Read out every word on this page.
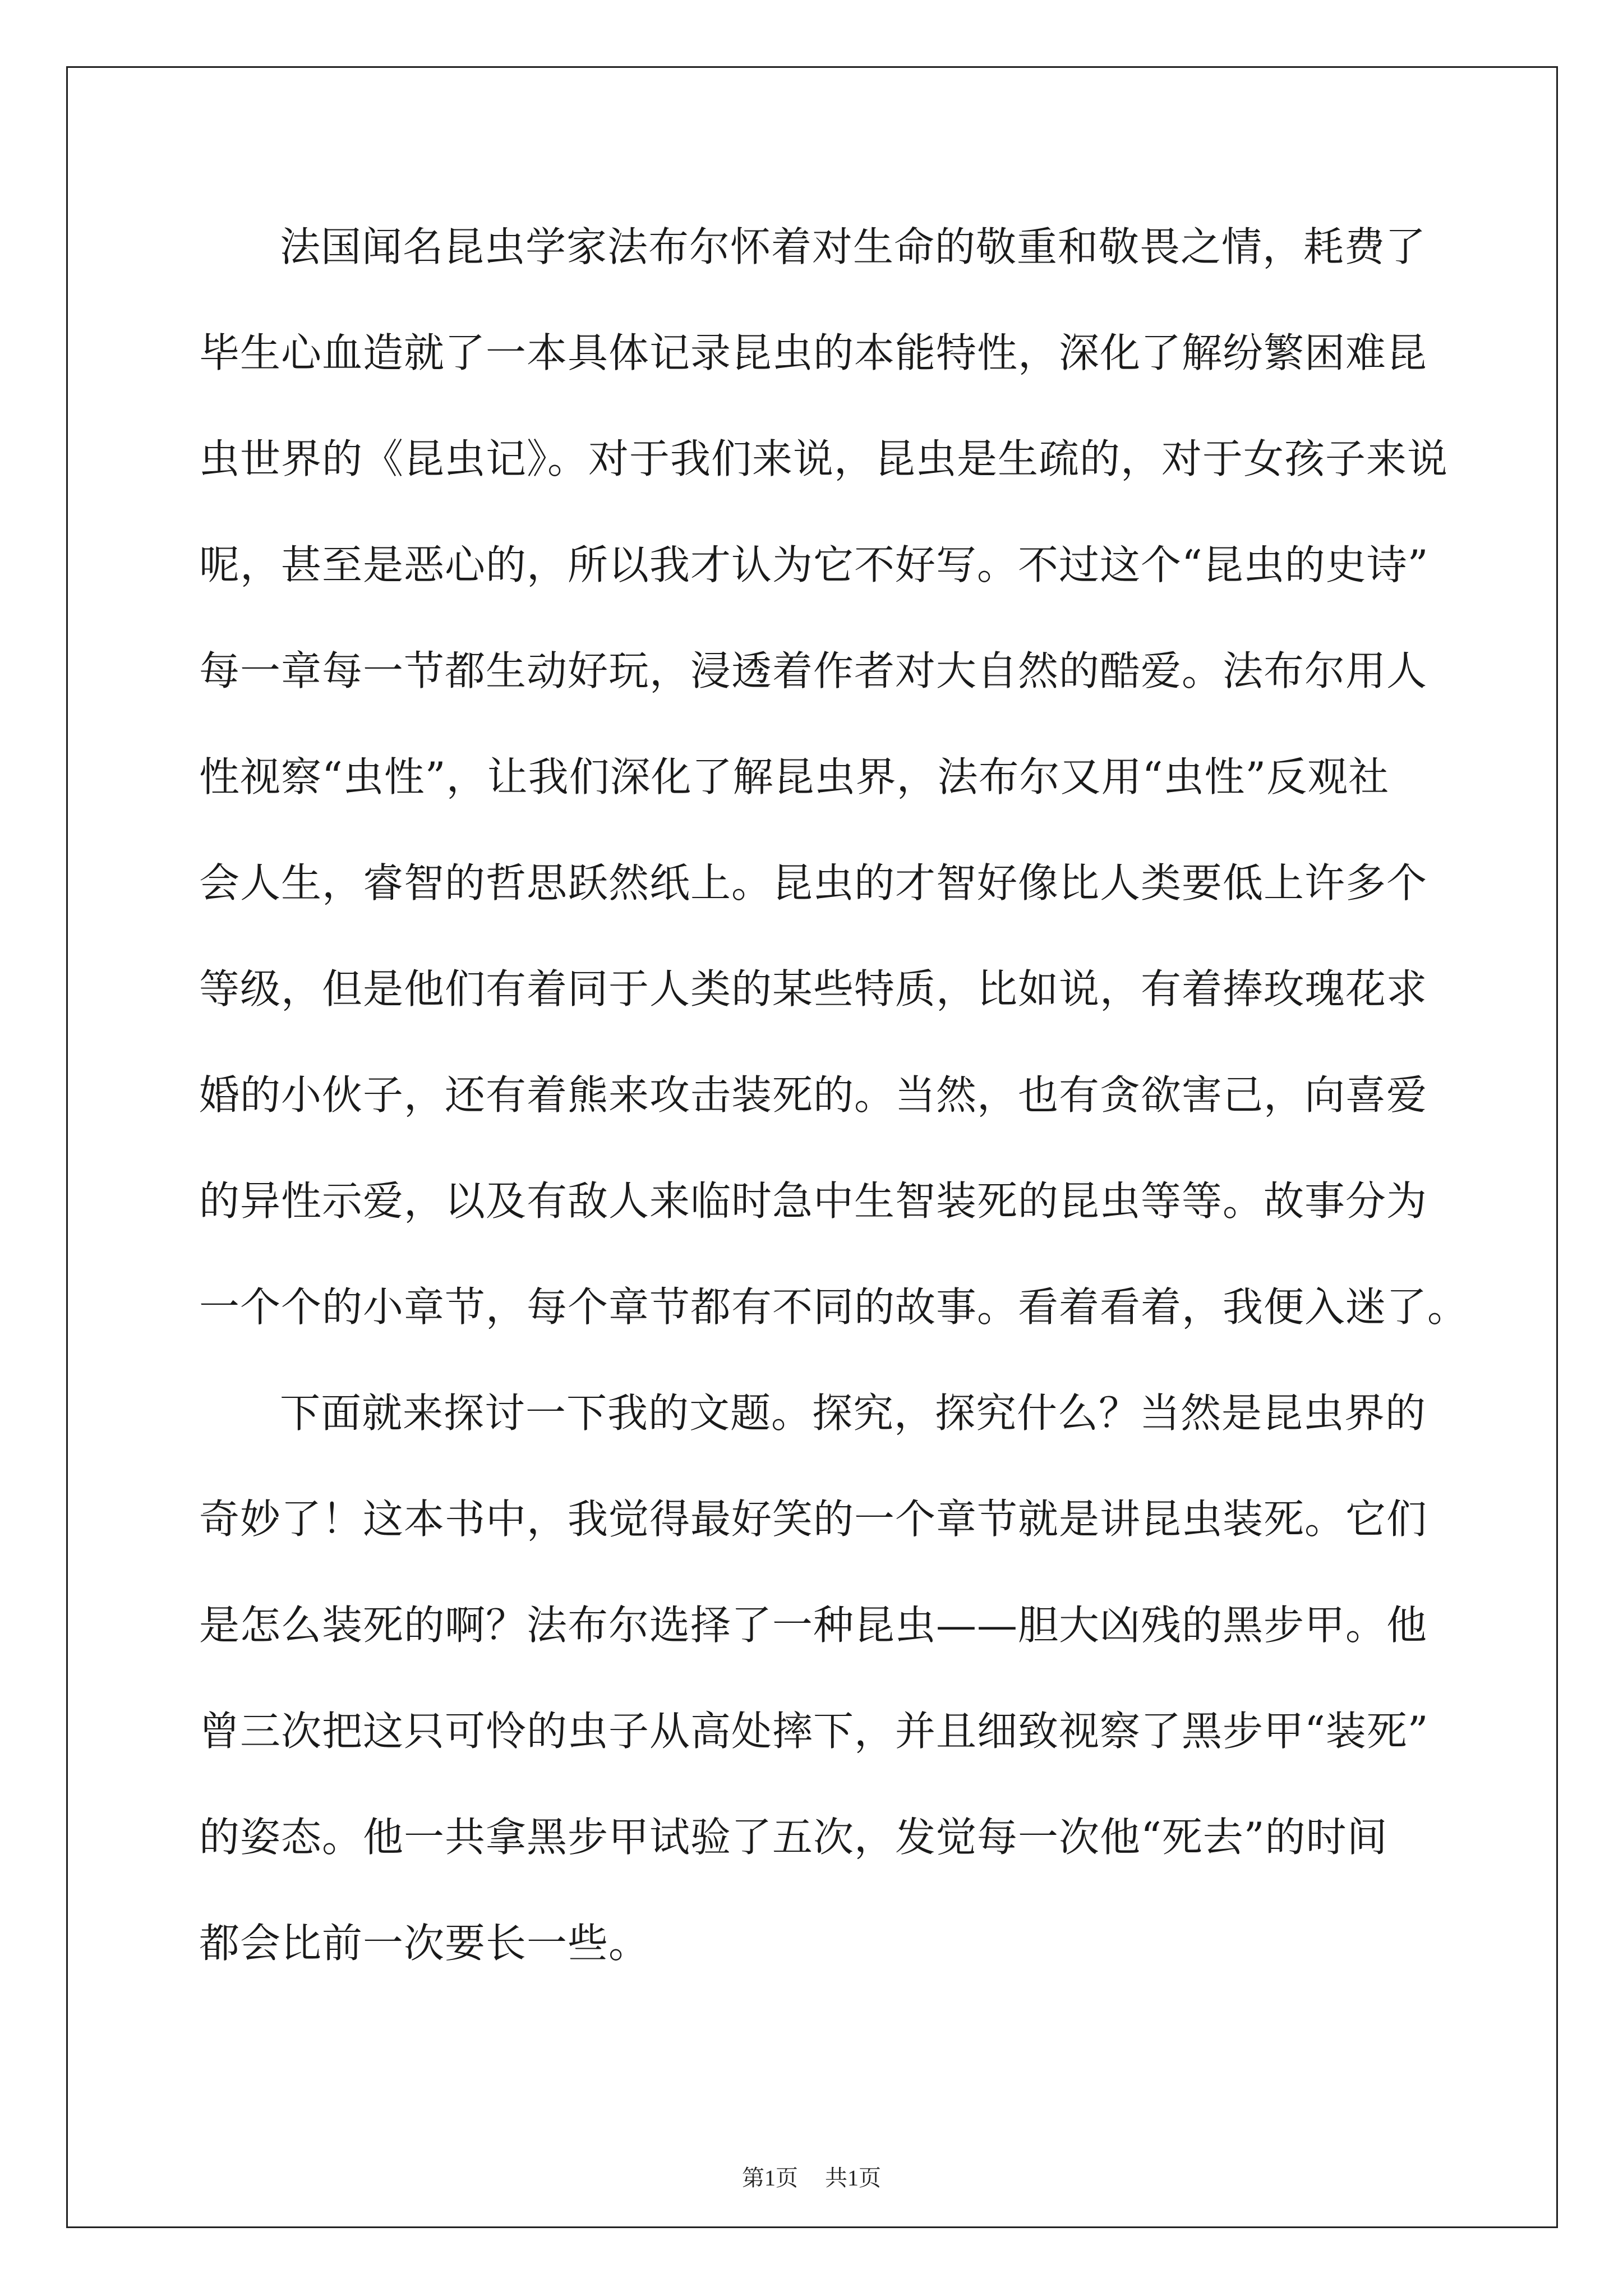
法国闻名昆虫学家法布尔怀着对生命的敬重和敬畏之情，耗费了
毕生心血造就了一本具体记录昆虫的本能特性，深化了解纷繁困难昆
虫世界的《昆虫记》。对于我们来说，昆虫是生疏的，对于女孩子来说
呢，甚至是恶心的，所以我才认为它不好写。不过这个“昆虫的史诗”
每一章每一节都生动好玩，浸透着作者对大自然的酷爱。法布尔用人
性视察“虫性”，让我们深化了解昆虫界，法布尔又用“虫性”反观社
会人生，睿智的哲思跃然纸上。昆虫的才智好像比人类要低上许多个
等级，但是他们有着同于人类的某些特质，比如说，有着捧玫瑰花求
婚的小伙子，还有着熊来攻击装死的。当然，也有贪欲害己，向喜爱
的异性示爱，以及有敌人来临时急中生智装死的昆虫等等。故事分为
一个个的小章节，每个章节都有不同的故事。看着看着，我便入迷了。
下面就来探讨一下我的文题。探究，探究什么？当然是昆虫界的
奇妙了！这本书中，我觉得最好笑的一个章节就是讲昆虫装死。它们
是怎么装死的啊？法布尔选择了一种昆虫——胆大凶残的黑步甲。他
曾三次把这只可怜的虫子从高处摔下，并且细致视察了黑步甲“装死”
的姿态。他一共拿黑步甲试验了五次，发觉每一次他“死去”的时间
都会比前一次要长一些。
第1页 共1页
